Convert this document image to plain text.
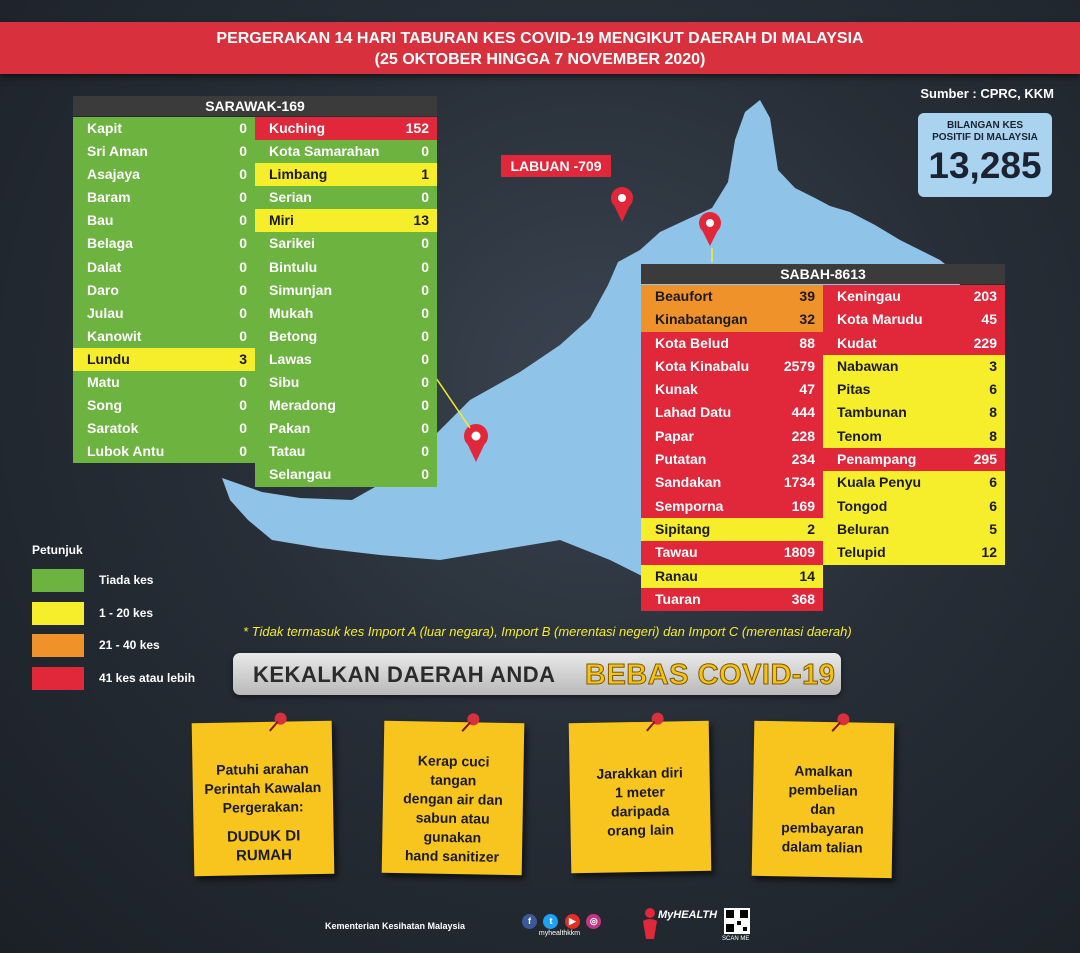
PERGERAKAN 14 HARI TABURAN KES COVID-19 MENGIKUT DAERAH DI MALAYSIA
(25 OKTOBER HINGGA 7 NOVEMBER 2020)
Sumber : CPRC, KKM
BILANGAN KES
POSITIF DI MALAYSIA
13,285
LABUAN -709
SARAWAK-169
Kapit	0
Sri Aman	0
Asajaya	0
Baram	0
Bau	0
Belaga	0
Dalat	0
Daro	0
Julau	0
Kanowit	0
Lundu	3
Matu	0
Song	0
Saratok	0
Lubok Antu	0
Kuching	152
Kota Samarahan	0
Limbang	1
Serian	0
Miri	13
Sarikei	0
Bintulu	0
Simunjan	0
Mukah	0
Betong	0
Lawas	0
Sibu	0
Meradong	0
Pakan	0
Tatau	0
Selangau	0
SABAH-8613
Beaufort	39
Kinabatangan	32
Kota Belud	88
Kota Kinabalu 2579
Kunak	47
Lahad Datu	444
Papar	228
Putatan	234
Sandakan	1734
Semporna	169
Sipitang	2
Tawau	1809
Ranau	14
Tuaran	368
Keningau	203
Kota Marudu	45
Kudat	229
Nabawan	3
Pitas	6
Tambunan	8
Tenom	8
Penampang	295
Kuala Penyu	6
Tongod	6
Beluran	5
Telupid	12
Petunjuk
Tiada kes
1 - 20 kes
21 - 40 kes
41 kes atau lebih
* Tidak termasuk kes Import A (luar negara), Import B (merentasi negeri) dan Import C (merentasi daerah)
KEKALKAN DAERAH ANDA BEBAS COVID-19
Patuhi arahan
Perintah Kawalan
Pergerakan:
DUDUK DI
RUMAH
Kerap cuci
tangan
dengan air dan
sabun atau
gunakan
hand sanitizer
Jarakkan diri
1 meter
daripada
orang lain
Amalkan
pembelian
dan
pembayaran
dalam talian
Kementerian Kesihatan Malaysia	f t ▶ ◎
myhealthkkm
MyHEALTH
SCAN ME
